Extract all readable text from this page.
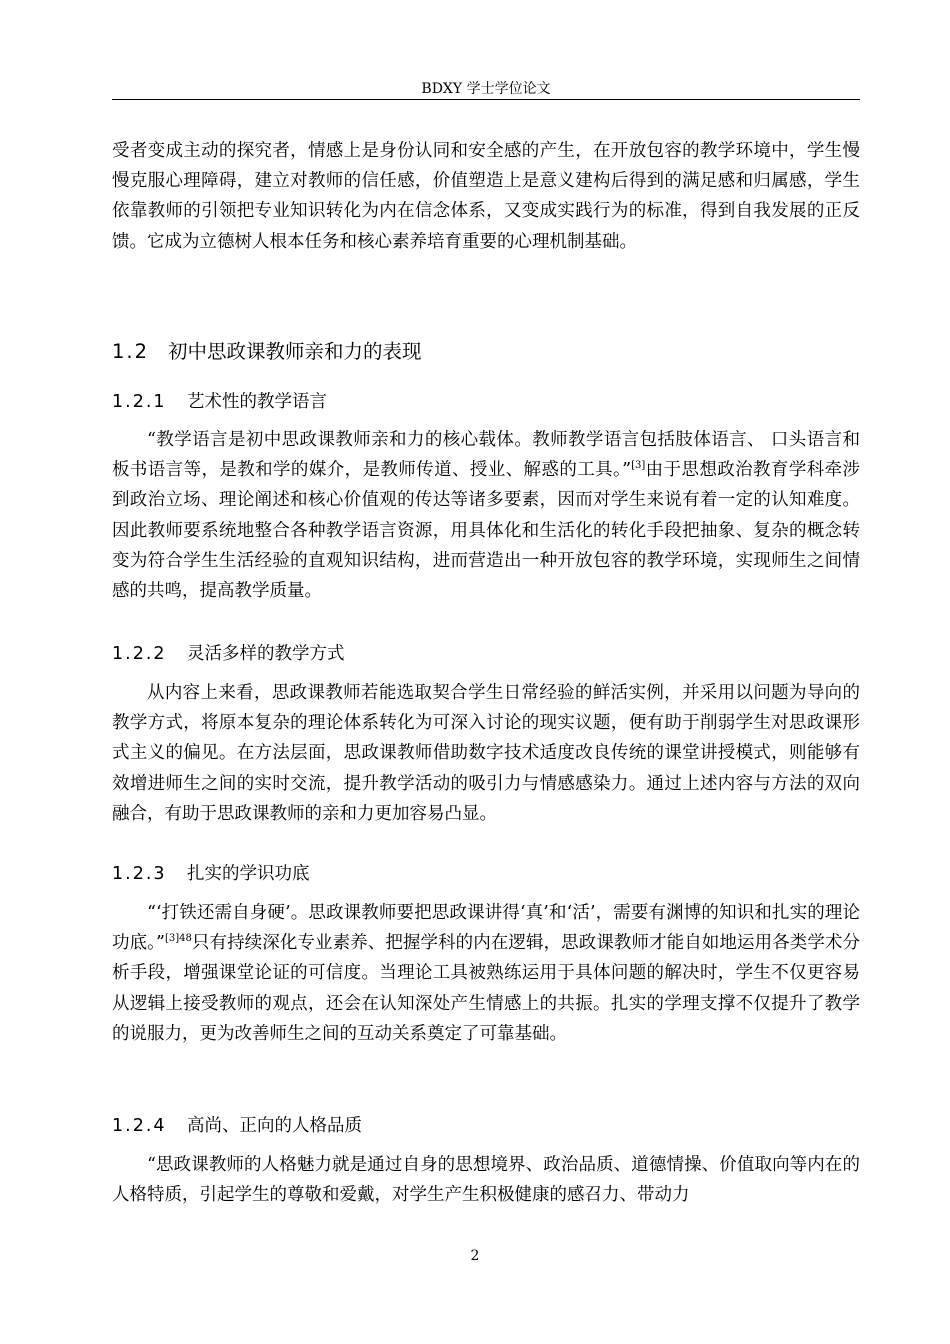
BDXY 学士学位论文

受者变成主动的探究者，情感上是身份认同和安全感的产生，在开放包容的教学环境中，学生慢慢克服心理障碍，建立对教师的信任感，价值塑造上是意义建构后得到的满足感和归属感，学生依靠教师的引领把专业知识转化为内在信念体系，又变成实践行为的标准，得到自我发展的正反馈。它成为立德树人根本任务和核心素养培育重要的心理机制基础。

1.2 初中思政课教师亲和力的表现
1.2.1 艺术性的教学语言

“教学语言是初中思政课教师亲和力的核心载体。教师教学语言包括肢体语言、 口头语言和板书语言等，是教和学的媒介，是教师传道、授业、解惑的工具。”[3]由于思想政治教育学科牵涉到政治立场、理论阐述和核心价值观的传达等诸多要素，因而对学生来说有着一定的认知难度。因此教师要系统地整合各种教学语言资源，用具体化和生活化的转化手段把抽象、复杂的概念转变为符合学生生活经验的直观知识结构，进而营造出一种开放包容的教学环境，实现师生之间情感的共鸣，提高教学质量。

1.2.2 灵活多样的教学方式

从内容上来看，思政课教师若能选取契合学生日常经验的鲜活实例，并采用以问题为导向的教学方式，将原本复杂的理论体系转化为可深入讨论的现实议题，便有助于削弱学生对思政课形式主义的偏见。在方法层面，思政课教师借助数字技术适度改良传统的课堂讲授模式，则能够有效增进师生之间的实时交流，提升教学活动的吸引力与情感感染力。通过上述内容与方法的双向融合，有助于思政课教师的亲和力更加容易凸显。

1.2.3 扎实的学识功底

“‘打铁还需自身硬’。思政课教师要把思政课讲得‘真’和‘活’，需要有渊博的知识和扎实的理论功底。”$^{[3]48}$只有持续深化专业素养、把握学科的内在逻辑，思政课教师才能自如地运用各类学术分析手段，增强课堂论证的可信度。当理论工具被熟练运用于具体问题的解决时，学生不仅更容易从逻辑上接受教师的观点，还会在认知深处产生情感上的共振。扎实的学理支撑不仅提升了教学的说服力，更为改善师生之间的互动关系奠定了可靠基础。

1.2.4 高尚、正向的人格品质

“思政课教师的人格魅力就是通过自身的思想境界、政治品质、道德情操、价值取向等内在的人格特质，引起学生的尊敬和爱戴，对学生产生积极健康的感召力、带动力

2
